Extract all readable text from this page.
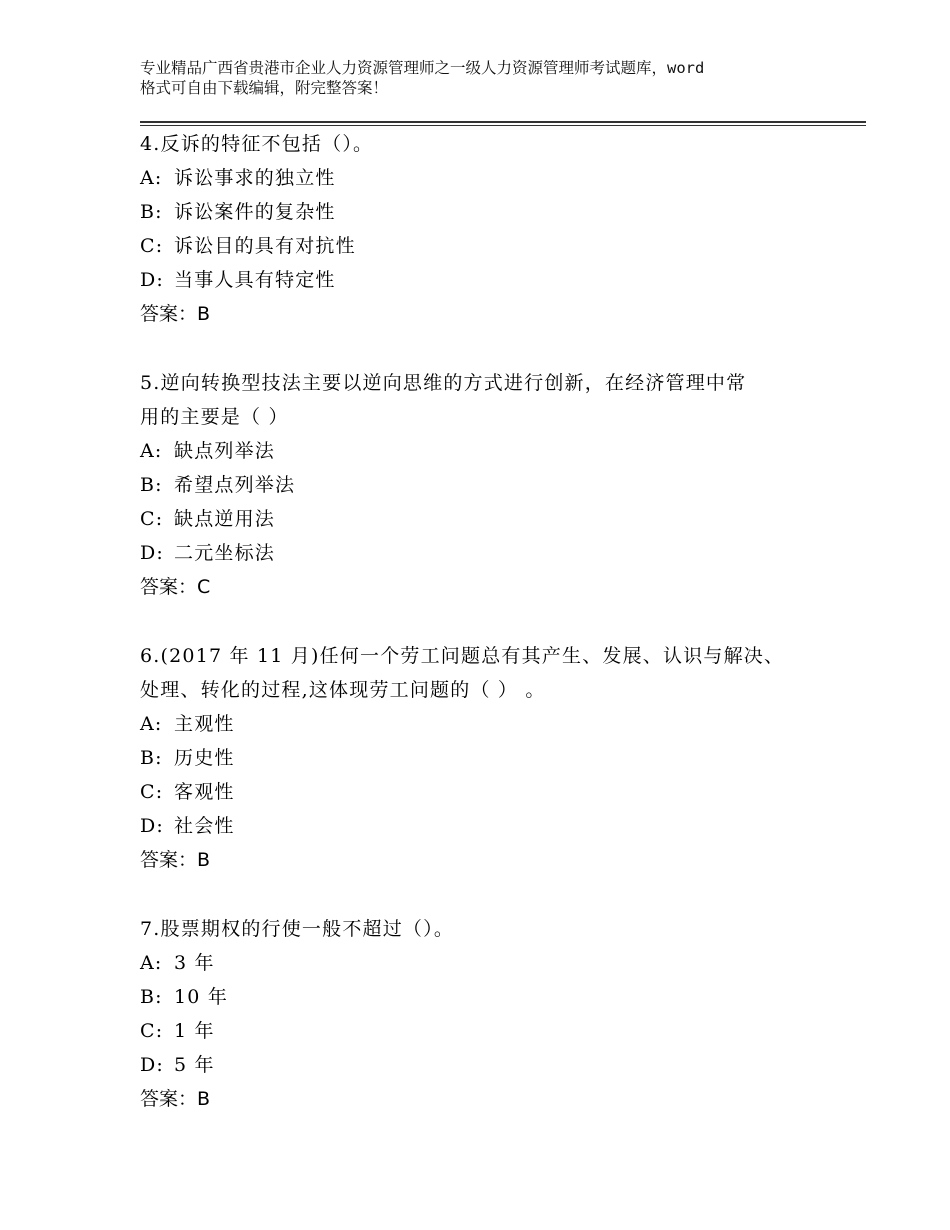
专业精品广西省贵港市企业人力资源管理师之一级人力资源管理师考试题库，word
格式可自由下载编辑，附完整答案！
4.反诉的特征不包括（）。
A: 诉讼事求的独立性
B: 诉讼案件的复杂性
C: 诉讼目的具有对抗性
D: 当事人具有特定性
答案：B
5.逆向转换型技法主要以逆向思维的方式进行创新，在经济管理中常
用的主要是（ ）
A: 缺点列举法
B: 希望点列举法
C: 缺点逆用法
D: 二元坐标法
答案：C
6.(2017 年 11 月)任何一个劳工问题总有其产生、发展、认识与解决、
处理、转化的过程,这体现劳工问题的（ ） 。
A: 主观性
B: 历史性
C: 客观性
D: 社会性
答案：B
7.股票期权的行使一般不超过（）。
A: 3 年
B: 10 年
C: 1 年
D: 5 年
答案：B
